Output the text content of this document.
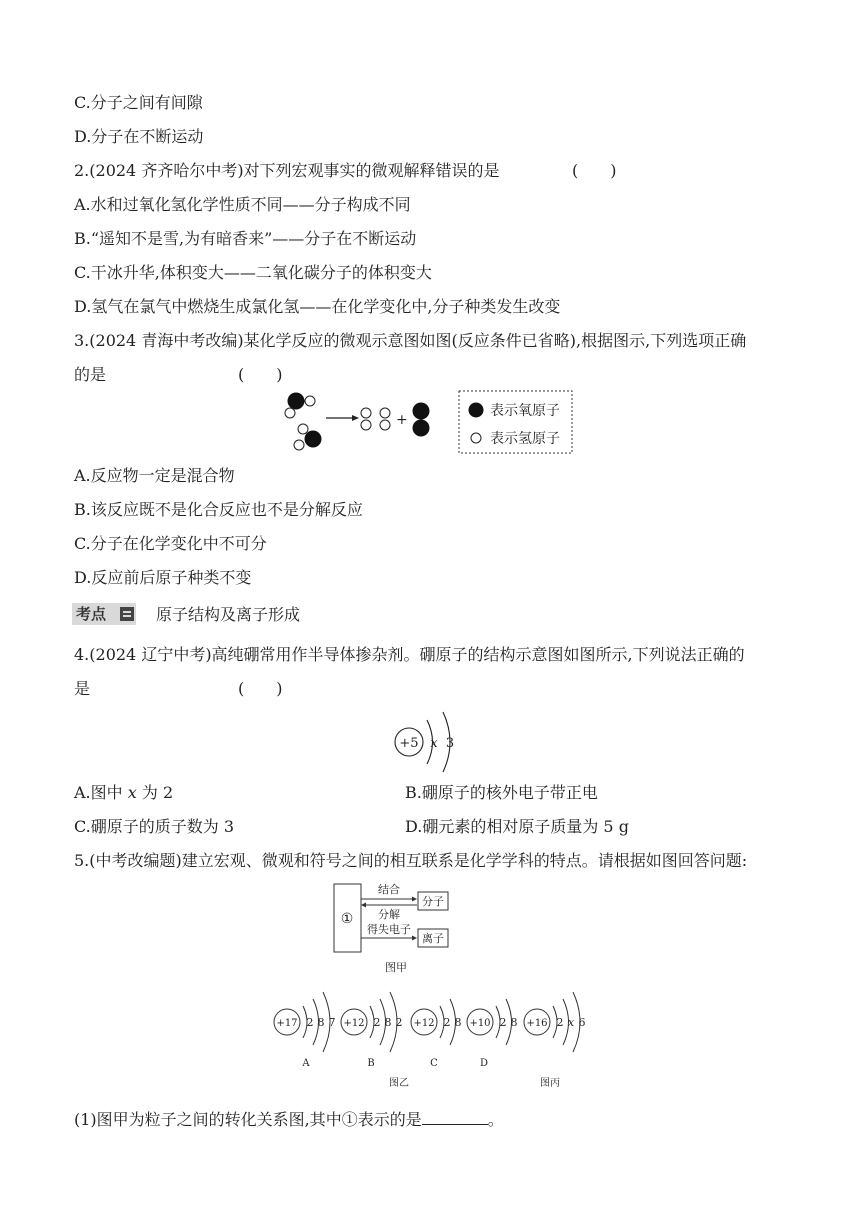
C.分子之间有间隙
D.分子在不断运动
2.(2024 齐齐哈尔中考)对下列宏观事实的微观解释错误的是	(　　)
A.水和过氧化氢化学性质不同——分子构成不同
B.“遥知不是雪,为有暗香来”——分子在不断运动
C.干冰升华,体积变大——二氧化碳分子的体积变大
D.氢气在氯气中燃烧生成氯化氢——在化学变化中,分子种类发生改变
3.(2024 青海中考改编)某化学反应的微观示意图如图(反应条件已省略),根据图示,下列选项正确
的是	(　　)
+
表示氧原子
表示氢原子
A.反应物一定是混合物
B.该反应既不是化合反应也不是分解反应
C.分子在化学变化中不可分
D.反应前后原子种类不变
考点	原子结构及离子形成
4.(2024 辽宁中考)高纯硼常用作半导体掺杂剂。硼原子的结构示意图如图所示,下列说法正确的
是	(　　)
+5 x 3
A.图中 x 为 2	B.硼原子的核外电子带正电
C.硼原子的质子数为 3	D.硼元素的相对原子质量为 5 g
5.(中考改编题)建立宏观、微观和符号之间的相互联系是化学学科的特点。请根据如图回答问题:
①
结合
分解
分子
得失电子
离子
图甲
+17 2 8 7
A
+12 2 8 2
B
+12 2 8
C
+10 2 8
D
+16 2 x 6
图乙	图丙
(1)图甲为粒子之间的转化关系图,其中①表示的是	。
